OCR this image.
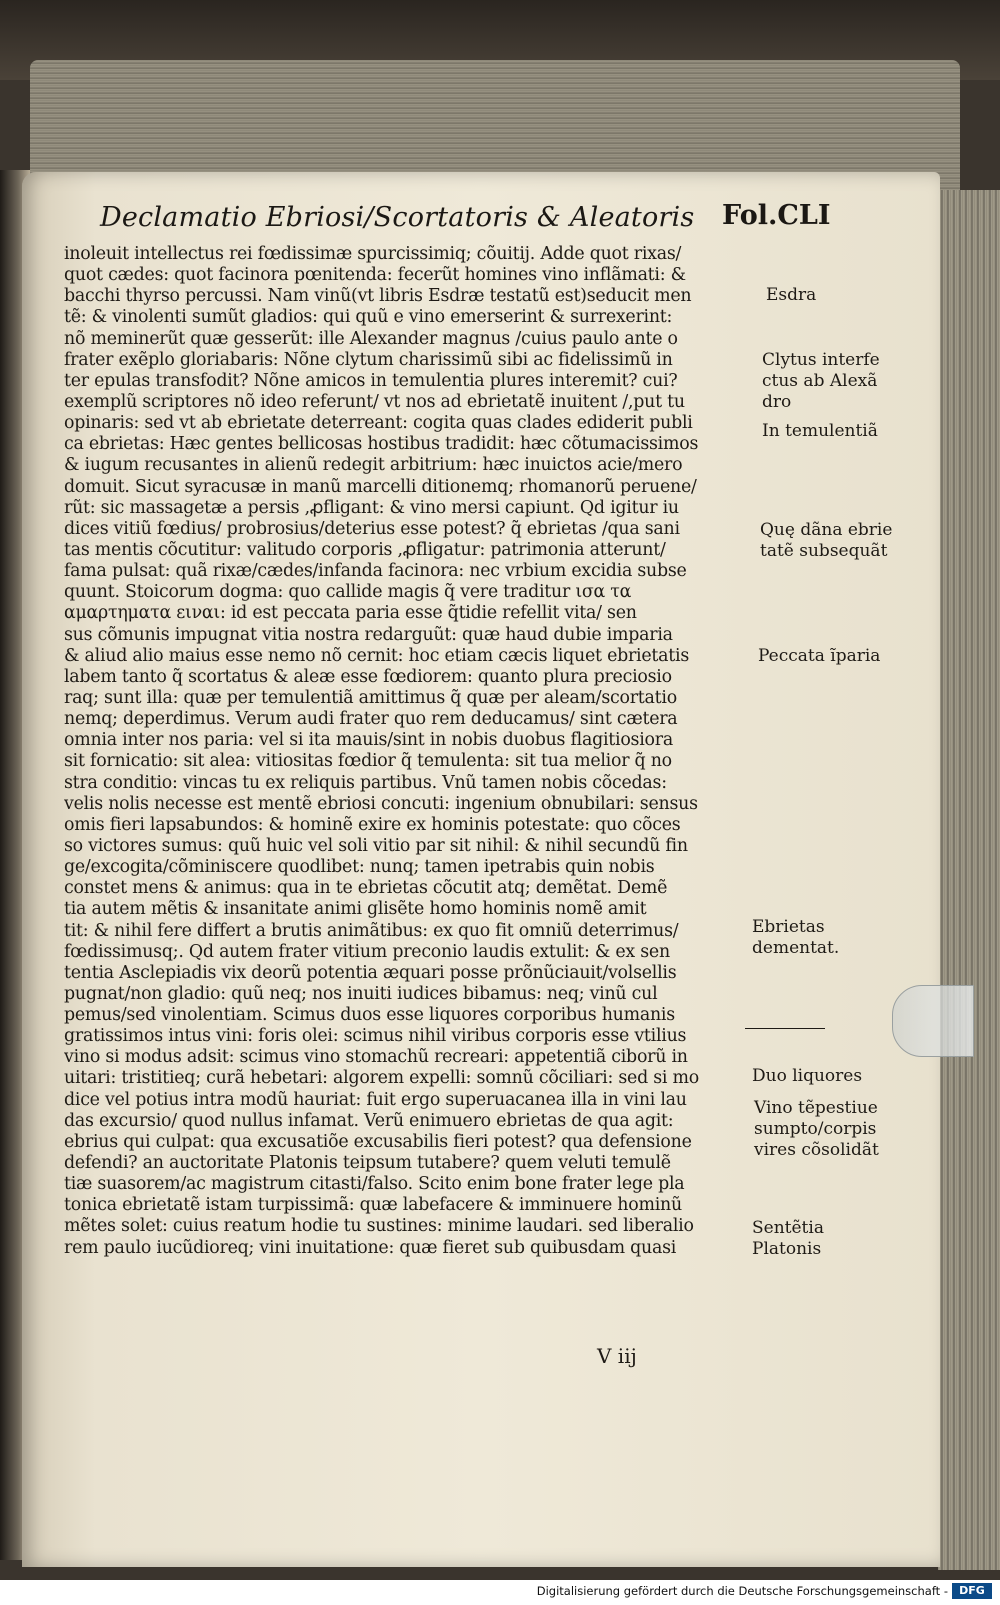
Declamatio Ebriosi/Scortatoris & Aleatoris Fol.CLI
inoleuit intellectus rei fœdissimæ spurcissimiq; cõuitij. Adde quot rixas/
quot cædes: quot facinora pœnitenda: fecerũt homines vino inflãmati: &
bacchi thyrso percussi. Nam vinũ(vt libris Esdræ testatũ est)seducit men
tẽ: & vinolenti sumũt gladios: qui quũ e vino emerserint & surrexerint:
nõ meminerũt quæ gesserũt: ille Alexander magnus /cuius paulo ante o
frater exẽplo gloriabaris: Nõne clytum charissimũ sibi ac fidelissimũ in
ter epulas transfodit? Nõne amicos in temulentia plures interemit? cui?
exemplũ scriptores nõ ideo referunt/ vt nos ad ebrietatẽ inuitent /,put tu
opinaris: sed vt ab ebrietate deterreant: cogita quas clades ediderit publi
ca ebrietas: Hæc gentes bellicosas hostibus tradidit: hæc cõtumacissimos
& iugum recusantes in alienũ redegit arbitrium: hæc inuictos acie/mero
domuit. Sicut syracusæ in manũ marcelli ditionemq; rhomanorũ peruene/
rũt: sic massagetæ a persis ,ꝓfligant: & vino mersi capiunt. Qd igitur iu
dices vitiũ fœdius/ probrosius/deterius esse potest? q̃ ebrietas /qua sani
tas mentis cõcutitur: valitudo corporis ,ꝓfligatur: patrimonia atterunt/
fama pulsat: quã rixæ/cædes/infanda facinora: nec vrbium excidia subse
quunt. Stoicorum dogma: quo callide magis q̃ vere traditur ισα τα
αμαρτηματα ειναι: id est peccata paria esse q̃tidie refellit vita/ sen
sus cõmunis impugnat vitia nostra redarguũt: quæ haud dubie imparia
& aliud alio maius esse nemo nõ cernit: hoc etiam cæcis liquet ebrietatis
labem tanto q̃ scortatus & aleæ esse fœdiorem: quanto plura preciosio
raq; sunt illa: quæ per temulentiã amittimus q̃ quæ per aleam/scortatio
nemq; deperdimus. Verum audi frater quo rem deducamus/ sint cætera
omnia inter nos paria: vel si ita mauis/sint in nobis duobus flagitiosiora
sit fornicatio: sit alea: vitiositas fœdior q̃ temulenta: sit tua melior q̃ no
stra conditio: vincas tu ex reliquis partibus. Vnũ tamen nobis cõcedas:
velis nolis necesse est mentẽ ebriosi concuti: ingenium obnubilari: sensus
omis fieri lapsabundos: & hominẽ exire ex hominis potestate: quo cõces
so victores sumus: quũ huic vel soli vitio par sit nihil: & nihil secundũ fin
ge/excogita/cõminiscere quodlibet: nunq; tamen ipetrabis quin nobis
constet mens & animus: qua in te ebrietas cõcutit atq; demẽtat. Demẽ
tia autem mẽtis & insanitate animi glisẽte homo hominis nomẽ amit
tit: & nihil fere differt a brutis animãtibus: ex quo fit omniũ deterrimus/
fœdissimusq;. Qd autem frater vitium preconio laudis extulit: & ex sen
tentia Asclepiadis vix deorũ potentia æquari posse prõnũciauit/volsellis
pugnat/non gladio: quũ neq; nos inuiti iudices bibamus: neq; vinũ cul
pemus/sed vinolentiam. Scimus duos esse liquores corporibus humanis
gratissimos intus vini: foris olei: scimus nihil viribus corporis esse vtilius
vino si modus adsit: scimus vino stomachũ recreari: appetentiã ciborũ in
uitari: tristitieq; curã hebetari: algorem expelli: somnũ cõciliari: sed si mo
dice vel potius intra modũ hauriat: fuit ergo superuacanea illa in vini lau
das excursio/ quod nullus infamat. Verũ enimuero ebrietas de qua agit:
ebrius qui culpat: qua excusatiõe excusabilis fieri potest? qua defensione
defendi? an auctoritate Platonis teipsum tutabere? quem veluti temulẽ
tiæ suasorem/ac magistrum citasti/falso. Scito enim bone frater lege pla
tonica ebrietatẽ istam turpissimã: quæ labefacere & imminuere hominũ
mẽtes solet: cuius reatum hodie tu sustines: minime laudari. sed liberalio
rem paulo iucũdioreq; vini inuitatione: quæ fieret sub quibusdam quasi
Esdra
Clytus interfe
ctus ab Alexã
dro
In temulentiã
Quę dãna ebrie
tatẽ subsequãt
Peccata ĩparia
Ebrietas
dementat.
Duo liquores
Vino tẽpestiue
sumpto/corpis
vires cõsolidãt
Sentẽtia
Platonis
V iij
Digitalisierung gefördert durch die Deutsche Forschungsgemeinschaft -	DFG
